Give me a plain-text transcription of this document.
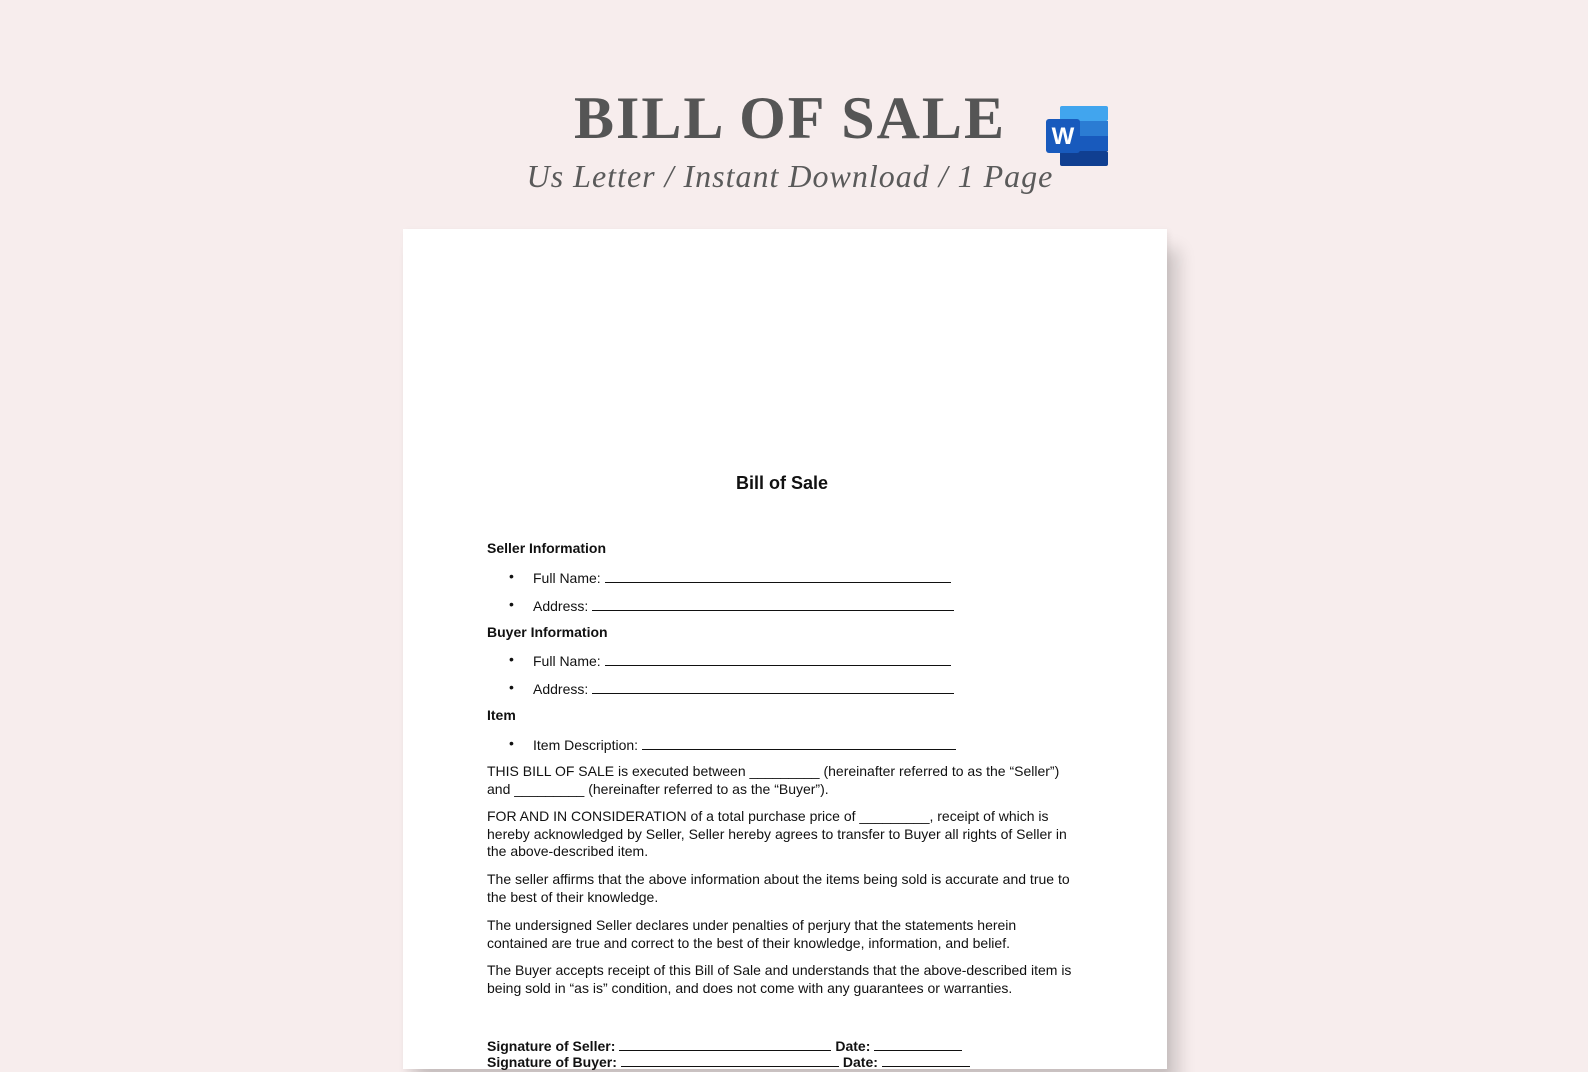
BILL OF SALE
Us Letter / Instant Download / 1 Page
W
Bill of Sale
Seller Information
• Full Name:
• Address:
Buyer Information
• Full Name:
• Address:
Item
• Item Description:
THIS BILL OF SALE is executed between _________ (hereinafter referred to as the “Seller”) and _________ (hereinafter referred to as the “Buyer”).
FOR AND IN CONSIDERATION of a total purchase price of _________, receipt of which is hereby acknowledged by Seller, Seller hereby agrees to transfer to Buyer all rights of Seller in the above-described item.
The seller affirms that the above information about the items being sold is accurate and true to the best of their knowledge.
The undersigned Seller declares under penalties of perjury that the statements herein contained are true and correct to the best of their knowledge, information, and belief.
The Buyer accepts receipt of this Bill of Sale and understands that the above-described item is being sold in “as is” condition, and does not come with any guarantees or warranties.
Signature of Seller:	Date:
Signature of Buyer:	Date:
